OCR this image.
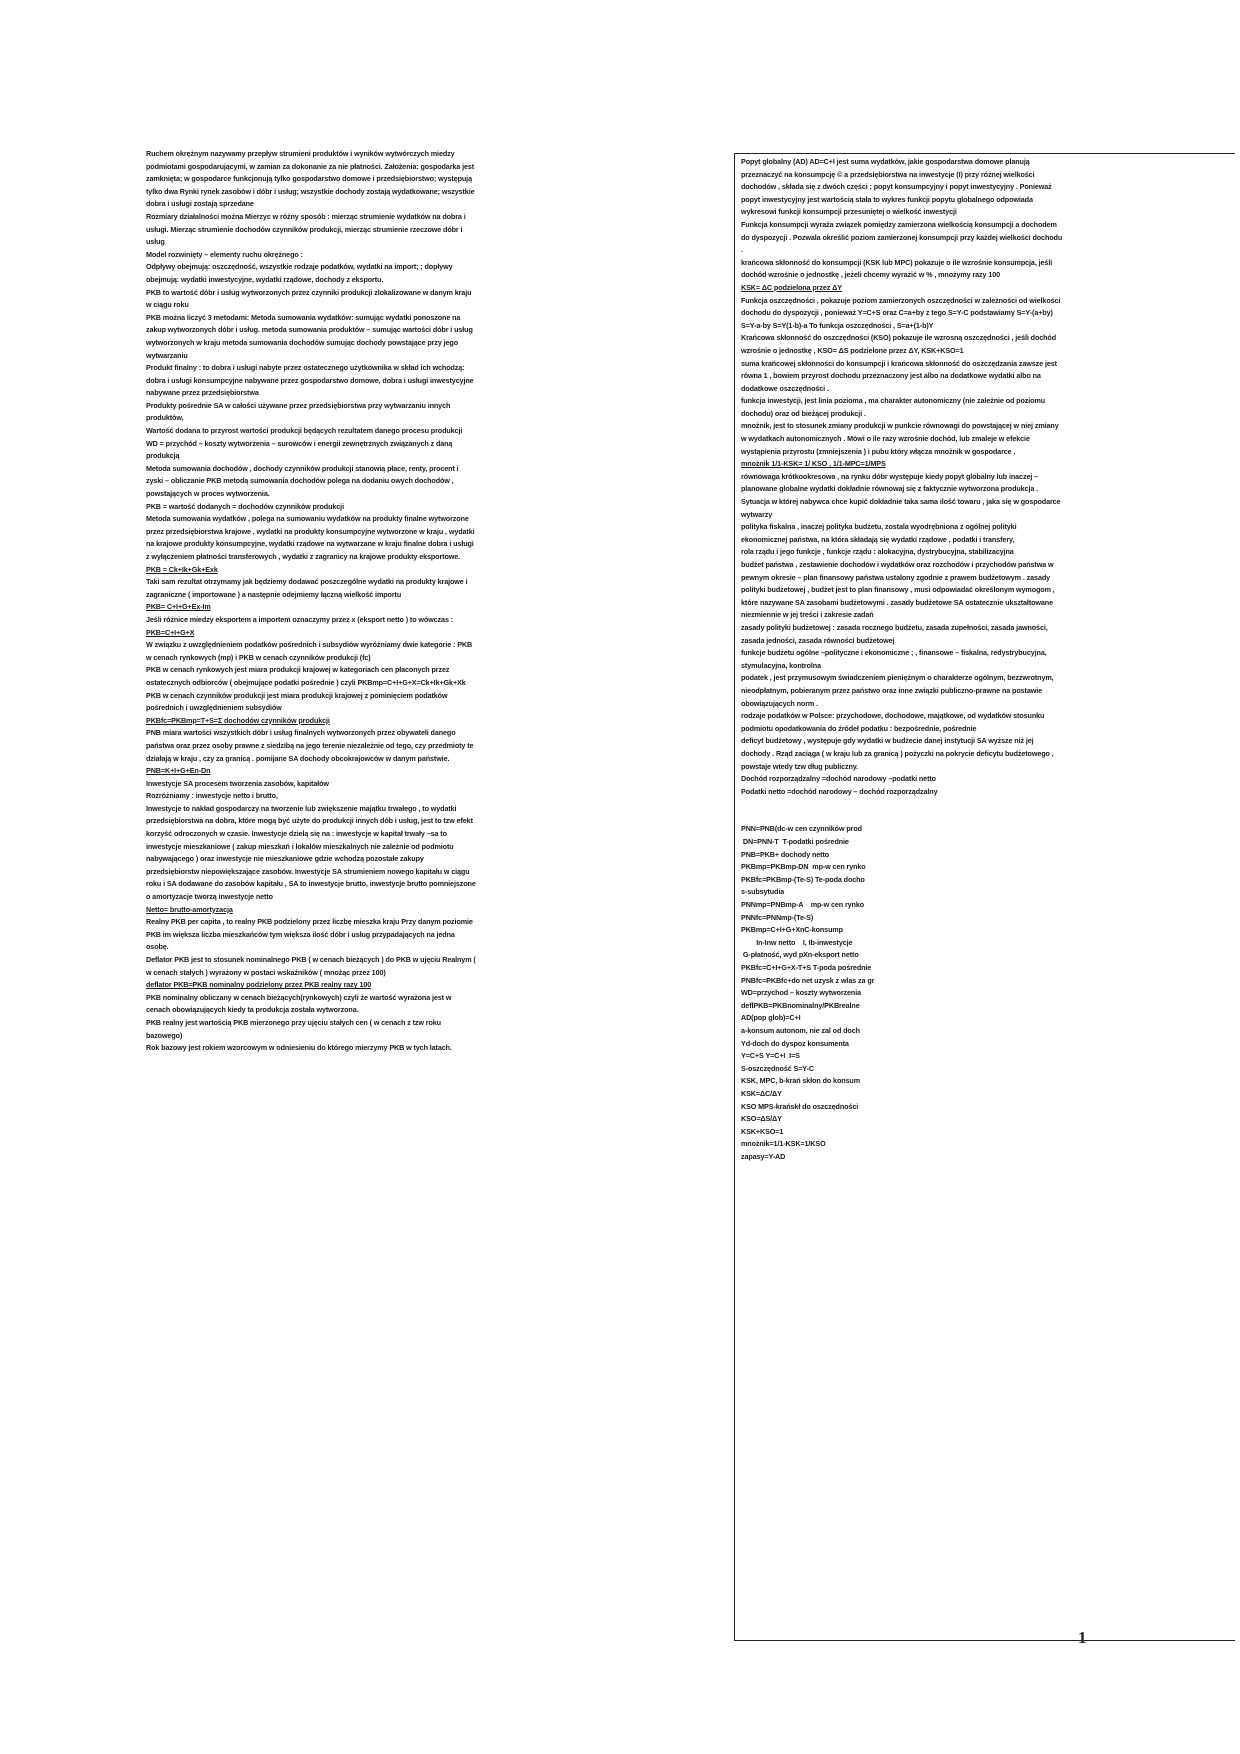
Ruchem okrężnym nazywamy przepływ strumieni produktów i wyników wytwórczych miedzy podmiotami gospodarującymi, w zamian za dokonanie za nie płatności. Założenia: gospodarka jest zamknięta; w gospodarce funkcjonują tylko gospodarstwo domowe i przedsiębiorstwo; występują tylko dwa Rynki rynek zasobów i dóbr i usług; wszystkie dochody zostają wydatkowane; wszystkie dobra i usługi zostają sprzedane

Rozmiary działalności można Mierzyc w różny sposób : mierząc strumienie wydatków na dobra i usługi. Mierząc strumienie dochodów czynników produkcji, mierząc strumienie rzeczowe dóbr i usług

Model rozwinięty – elementy ruchu okrężnego :

Odpływy obejmują: oszczędność, wszystkie rodzaje podatków, wydatki na import; ; dopływy obejmują: wydatki inwestycyjne, wydatki rządowe, dochody z eksportu.

PKB to wartość dóbr i usług wytworzonych przez czynniki produkcji zlokalizowane w danym kraju w ciągu roku

PKB można liczyć 3 metodami: Metoda sumowania wydatków: sumując wydatki ponoszone na zakup wytworzonych dóbr i usług. metoda sumowania produktów – sumując wartości dóbr i usług wytworzonych w kraju metoda sumowania dochodów sumując dochody powstające przy jego wytwarzaniu

Produkt finalny : to dobra i usługi nabyte przez ostatecznego użytkownika w skład ich wchodzą: dobra i usługi konsumpcyjne nabywane przez gospodarstwo domowe, dobra i usługi inwestycyjne nabywane przez przedsiębiorstwa

Produkty pośrednie SA w całości używane przez przedsiębiorstwa przy wytwarzaniu innych produktów,

Wartość dodana to przyrost wartości produkcji będących rezultatem danego procesu produkcji

WD = przychód – koszty wytworzenia – surowców i energii zewnętrznych związanych z daną produkcją

Metoda sumowania dochodów , dochody czynników produkcji stanowią płace, renty, procent i zyski – obliczanie PKB metodą sumowania dochodów polega na dodaniu owych dochodów , powstających w proces wytworzenia.

PKB = wartość dodanych = dochodów czynników produkcji

Metoda sumowania wydatków , polega na sumowaniu wydatków na produkty finalne wytworzone przez przedsiębiorstwa krajowe , wydatki na produkty konsumpcyjne wytworzone w kraju , wydatki na krajowe produkty konsumpcyjne, wydatki rządowe na wytwarzane w kraju finalne dobra i usługi z wyłączeniem płatności transferowych , wydatki z zagranicy na krajowe produkty eksportowe.

PKB = Ck+Ik+Gk+Exk

Taki sam rezultat otrzymamy jak będziemy dodawać poszczególne wydatki na produkty krajowe i zagraniczne ( importowane ) a następnie odejmiemy łączną wielkość importu

PKB= C+I+G+Ex-Im

Jeśli różnice miedzy eksportem a importem oznaczymy przez x (eksport netto ) to wówczas :

PKB=C+I+G+X

W związku z uwzględnieniem podatków pośrednich i subsydiów wyróżniamy dwie kategorie : PKB w cenach rynkowych (mp) i PKB w cenach czynników produkcji (fc)

PKB w cenach rynkowych jest miara produkcji krajowej w kategoriach cen płaconych przez ostatecznych odbiorców ( obejmujące podatki pośrednie ) czyli PKBmp=C+I+G+X=Ck+Ik+Gk+Xk

PKB w cenach czynników produkcji jest miara produkcji krajowej z pominięciem podatków

pośrednich i uwzględnieniem subsydiów

PKBfc=PKBmp=T+S=Σ dochodów czynników produkcji

PNB miara wartości wszystkich dóbr i usług finalnych wytworzonych przez obywateli danego państwa oraz przez osoby prawne z siedzibą na jego terenie niezależnie od tego, czy przedmioty te działają w kraju , czy za granicą . pomijane SA dochody obcokrajowców w danym państwie.

PNB=K+I+G+En-Dn

Inwestycje SA procesem tworzenia zasobów, kapitałów

Rozróżniamy : inwestycje netto i brutto,

Inwestycje to nakład gospodarczy na tworzenie lub zwiększenie majątku trwałego , to wydatki przedsiębiorstwa na dobra, które mogą być użyte do produkcji innych dób i usług, jest to tzw efekt korzyść odroczonych w czasie. Inwestycje dzielą się na : inwestycje w kapitał trwały –sa to inwestycje mieszkaniowe ( zakup mieszkań i lokalów mieszkalnych nie zależnie od podmiotu nabywającego ) oraz inwestycje nie mieszkaniowe gdzie wchodzą pozostałe zakupy przedsiębiorstw niepowiększające zasobów. Inwestycje SA strumieniem nowego kapitału w ciągu roku i SA dodawane do zasobów kapitału , SA to inwestycje brutto, inwestycje brutto pomniejszone o amortyzacje tworzą inwestycje netto

Netto= brutto-amortyzacja

Realny PKB per capita , to realny PKB podzielony przez liczbę mieszka kraju Przy danym poziomie PKB im większa liczba mieszkańców tym większa ilość dóbr i usług przypadających na jedna osobę.

Deflator PKB jest to stosunek nominalnego PKB ( w cenach bieżących ) do PKB w ujęciu Realnym ( w cenach stałych ) wyrażony w postaci wskaźników ( mnożąc przez 100)

deflator PKB=PKB nominalny podzielony przez PKB realny razy 100

PKB nominalny obliczany w cenach bieżących(rynkowych) czyli że wartość wyrażona jest w cenach obowiązujących kiedy ta produkcja została wytworzona.

PKB realny jest wartością PKB mierzonego przy ujęciu stałych cen ( w cenach z tzw roku bazowego)

Rok bazowy jest rokiem wzorcowym w odniesieniu do którego mierzymy PKB w tych latach.

Popyt globalny (AD) AD=C+I jest suma wydatków, jakie gospodarstwa domowe planują przeznaczyć na konsumpcję © a przedsiębiorstwa na inwestycje (I) przy różnej wielkości dochodów , składa się z dwóch części ; popyt konsumpcyjny i popyt inwestycyjny . Ponieważ popyt inwestycyjny jest wartością stała to wykres funkcji popytu globalnego odpowiada wykresowi funkcji konsumpcji przesuniętej o wielkość inwestycji

Funkcja konsumpcji wyraża związek pomiędzy zamierzona wielkością konsumpcji a dochodem do dyspozycji . Pozwala określić poziom zamierzonej konsumpcji przy każdej wielkości dochodu .

krańcowa skłonność do konsumpcji (KSK lub MPC) pokazuje o ile wzrośnie konsumpcja, jeśli dochód wzrośnie o jednostkę , jeżeli chcemy wyrazić w % , mnożymy razy 100

KSK= ΔC podzielona przez ΔY

Funkcja oszczędności , pokazuje poziom zamierzonych oszczędności w zależności od wielkości dochodu do dyspozycji , ponieważ Y=C+S oraz C=a+by z tego S=Y-C podstawiamy S=Y-(a+by) S=Y-a-by S=Y(1-b)-a To funkcja oszczędności , S=a+(1-b)Y

Krańcowa skłonność do oszczędności (KSO) pokazuje ile wzrosną oszczędności , jeśli dochód wzrośnie o jednostkę , KSO= ΔS podzielone przez ΔY, KSK+KSO=1

suma krańcowej skłonności do konsumpcji i krańcowa skłonność do oszczędzania zawsze jest równa 1 , bowiem przyrost dochodu przeznaczony jest albo na dodatkowe wydatki albo na dodatkowe oszczędności .

funkcja inwestycji, jest linia pozioma , ma charakter autonomiczny (nie zależnie od poziomu dochodu) oraz od bieżącej produkcji .

mnożnik, jest to stosunek zmiany produkcji w punkcie równowagi do powstającej w niej zmiany w wydatkach autonomicznych . Mówi o ile razy wzrośnie dochód, lub zmaleje w efekcie wystąpienia przyrostu (zmniejszenia ) i pubu który włącza mnożnik w gospodarce .

mnożnik 1/1-KSK= 1/ KSO , 1/1-MPC=1/MPS

równowaga krótkookresowa , na rynku dóbr występuje kiedy popyt globalny lub inaczej –planowane globalne wydatki dokładnie równowaj się z faktycznie wytworzona produkcja . Sytuacja w której nabywca chce kupić dokładnie taka sama ilość towaru , jaka się w gospodarce wytwarzy

polityka fiskalna , inaczej polityka budżetu, zostala wyodrębniona z ogólnej polityki ekonomicznej państwa, na która składają się wydatki rządowe , podatki i transfery,

rola rządu i jego funkcje , funkcje rządu : alokacyjna, dystrybucyjna, stabilizacyjna

budżet państwa , zestawienie dochodów i wydatków oraz rozchodów i przychodów państwa w pewnym okresie – plan finansowy państwa ustalony zgodnie z prawem budżetowym . zasady polityki budżetowej , budżet jest to plan finansowy , musi odpowiadać określonym wymogom , które nazywane SA zasobami budżetowymi . zasady budżetowe SA ostatecznie ukształtowane niezmiennie w jej treści i zakresie zadań

zasady polityki budżetowej : zasada rocznego budżetu, zasada zupełności, zasada jawności, zasada jedności, zasada równości budżetowej

funkcje budżetu ogólne –polityczne i ekonomiczne ; , finansowe – fiskalna, redystrybucyjna, stymulacyjna, kontrolna

podatek , jest przymusowym świadczeniem pieniężnym o charakterze ogólnym, bezzwrotnym, nieodpłatnym, pobieranym przez państwo oraz inne związki publiczno-prawne na postawie obowiązujących norm .

rodzaje podatków w Polsce: przychodowe, dochodowe, majątkowe, od wydatków stosunku podmiotu opodatkowania do źródeł podatku : bezpośrednie, pośrednie

deficyt budżetowy , występuje gdy wydatki w budżecie danej instytucji SA wyższe niż jej dochody . Rząd zaciąga ( w kraju lub za granicą ) pożyczki na pokrycie deficytu budżetowego , powstaje wtedy tzw dług publiczny.

Dochód rozporządzalny =dochód narodowy –podatki netto

Podatki netto =dochód narodowy – dochód rozporządzalny

PNN=PNB(dc-w cen czynników prod

DN=PNN-T  T-podatki pośrednie

PNB=PKB+ dochody netto

PKBmp=PKBmp-DN  mp-w cen rynko

PKBfc=PKBmp-(Te-S) Te-poda docho

s-subsytudia

PNNmp=PNBmp-A    mp-w cen rynko

PNNfc=PNNmp-(Te-S)

PKBmp=C+I+G+XnC-konsump

In-Inw netto    I, Ib-inwestycje

G-płatność, wyd pXn-eksport netto

PKBfc=C+I+G+X-T+S T-poda pośrednie

PNBfc=PKBfc+do net uzysk z wlas za gr

WD=przychod – koszty wytworzenia

deflPKB=PKBnominalny/PKBrealne

AD(pop glob)=C+I

a-konsum autonom, nie zal od doch

Yd-doch do dyspoz konsumenta

Y=C+S Y=C+I  I=S

S-oszczędność S=Y-C

KSK, MPC, b-krań skłon do konsum

KSK=ΔC/ΔY

KSO MPS-krańskł do oszczędności

KSO=ΔS/ΔY

KSK+KSO=1

mnożnik=1/1-KSK=1/KSO

zapasy=Y-AD

1
